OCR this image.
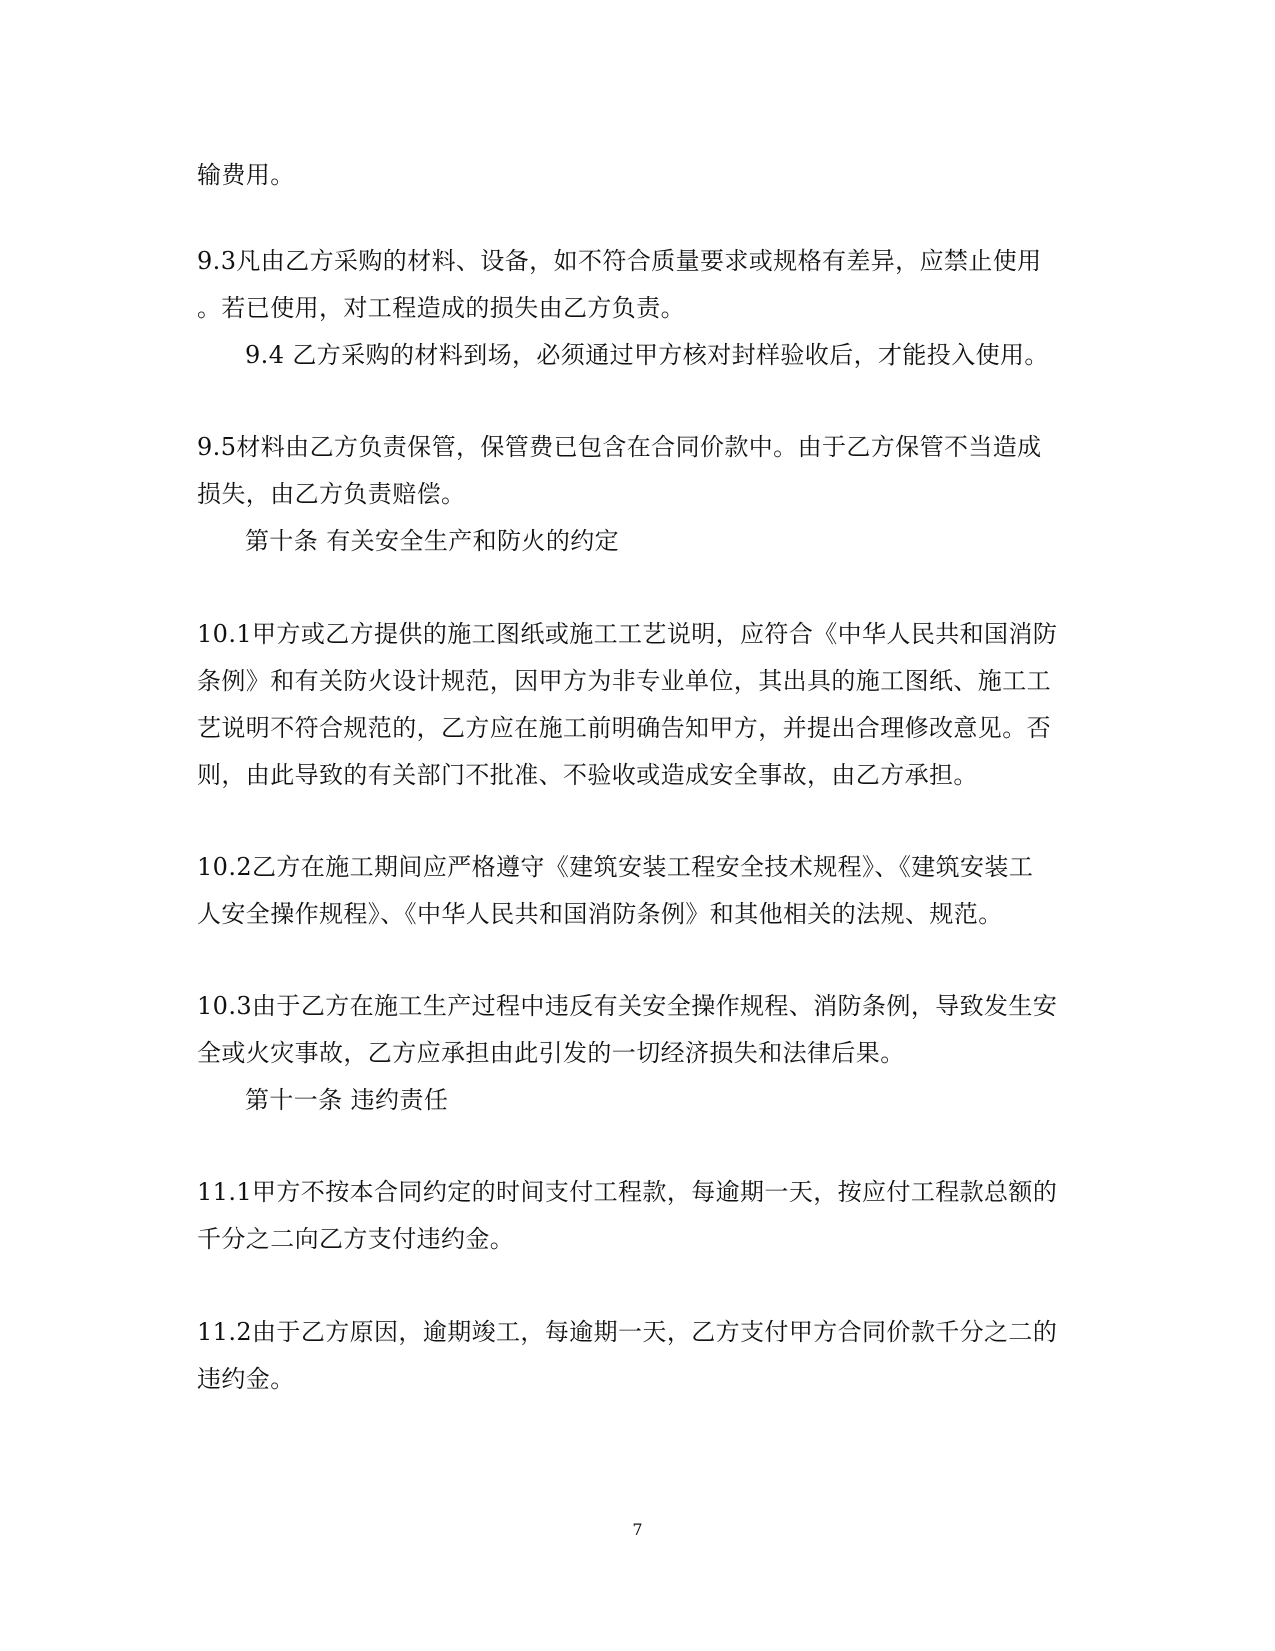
输费用。
9.3凡由乙方采购的材料、设备，如不符合质量要求或规格有差异，应禁止使用
。若已使用，对工程造成的损失由乙方负责。
9.4 乙方采购的材料到场，必须通过甲方核对封样验收后，才能投入使用。
9.5材料由乙方负责保管，保管费已包含在合同价款中。由于乙方保管不当造成
损失，由乙方负责赔偿。
第十条 有关安全生产和防火的约定
10.1甲方或乙方提供的施工图纸或施工工艺说明，应符合《中华人民共和国消防
条例》和有关防火设计规范，因甲方为非专业单位，其出具的施工图纸、施工工
艺说明不符合规范的，乙方应在施工前明确告知甲方，并提出合理修改意见。否
则，由此导致的有关部门不批准、不验收或造成安全事故，由乙方承担。
10.2乙方在施工期间应严格遵守《建筑安装工程安全技术规程》、《建筑安装工
人安全操作规程》、《中华人民共和国消防条例》和其他相关的法规、规范。
10.3由于乙方在施工生产过程中违反有关安全操作规程、消防条例，导致发生安
全或火灾事故，乙方应承担由此引发的一切经济损失和法律后果。
第十一条 违约责任
11.1甲方不按本合同约定的时间支付工程款，每逾期一天，按应付工程款总额的
千分之二向乙方支付违约金。
11.2由于乙方原因，逾期竣工，每逾期一天，乙方支付甲方合同价款千分之二的
违约金。
7
